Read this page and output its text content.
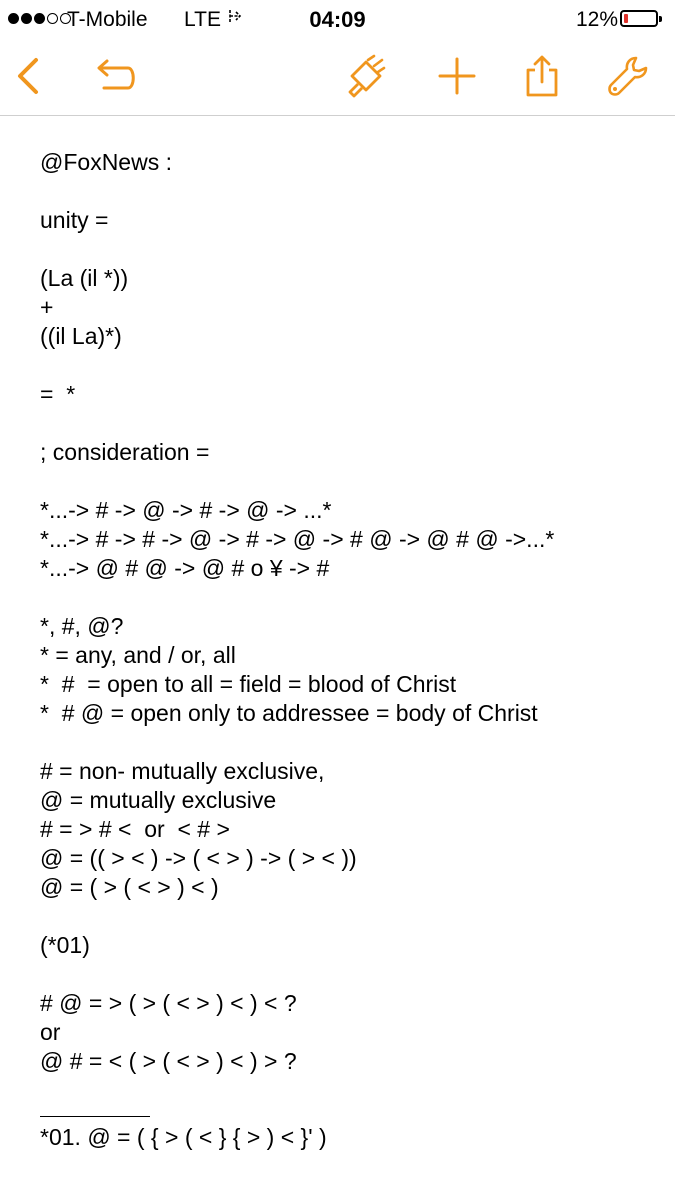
T-Mobile LTE	04:09	12%
@FoxNews :
unity =
(La (il *))
+
((il La)*)
=  *
; consideration =
*...-> # -> @ -> # -> @ -> ...*
*...-> # -> # -> @ -> # -> @ -> # @ -> @ # @ ->...*
*...-> @ # @ -> @ # o ¥ -> #
*, #, @?
* = any, and / or, all
*  #  = open to all = field = blood of Christ
*  # @ = open only to addressee = body of Christ
# = non- mutually exclusive,
@ = mutually exclusive
# = > # <  or  < # >
@ = (( > < ) -> ( < > ) -> ( > < ))
@ = ( > ( < > ) < )
(*01)
# @ = > ( > ( < > ) < ) < ?
or
@ # = < ( > ( < > ) < ) > ?
*01. @ = ( { > ( < } { > ) < }' )
